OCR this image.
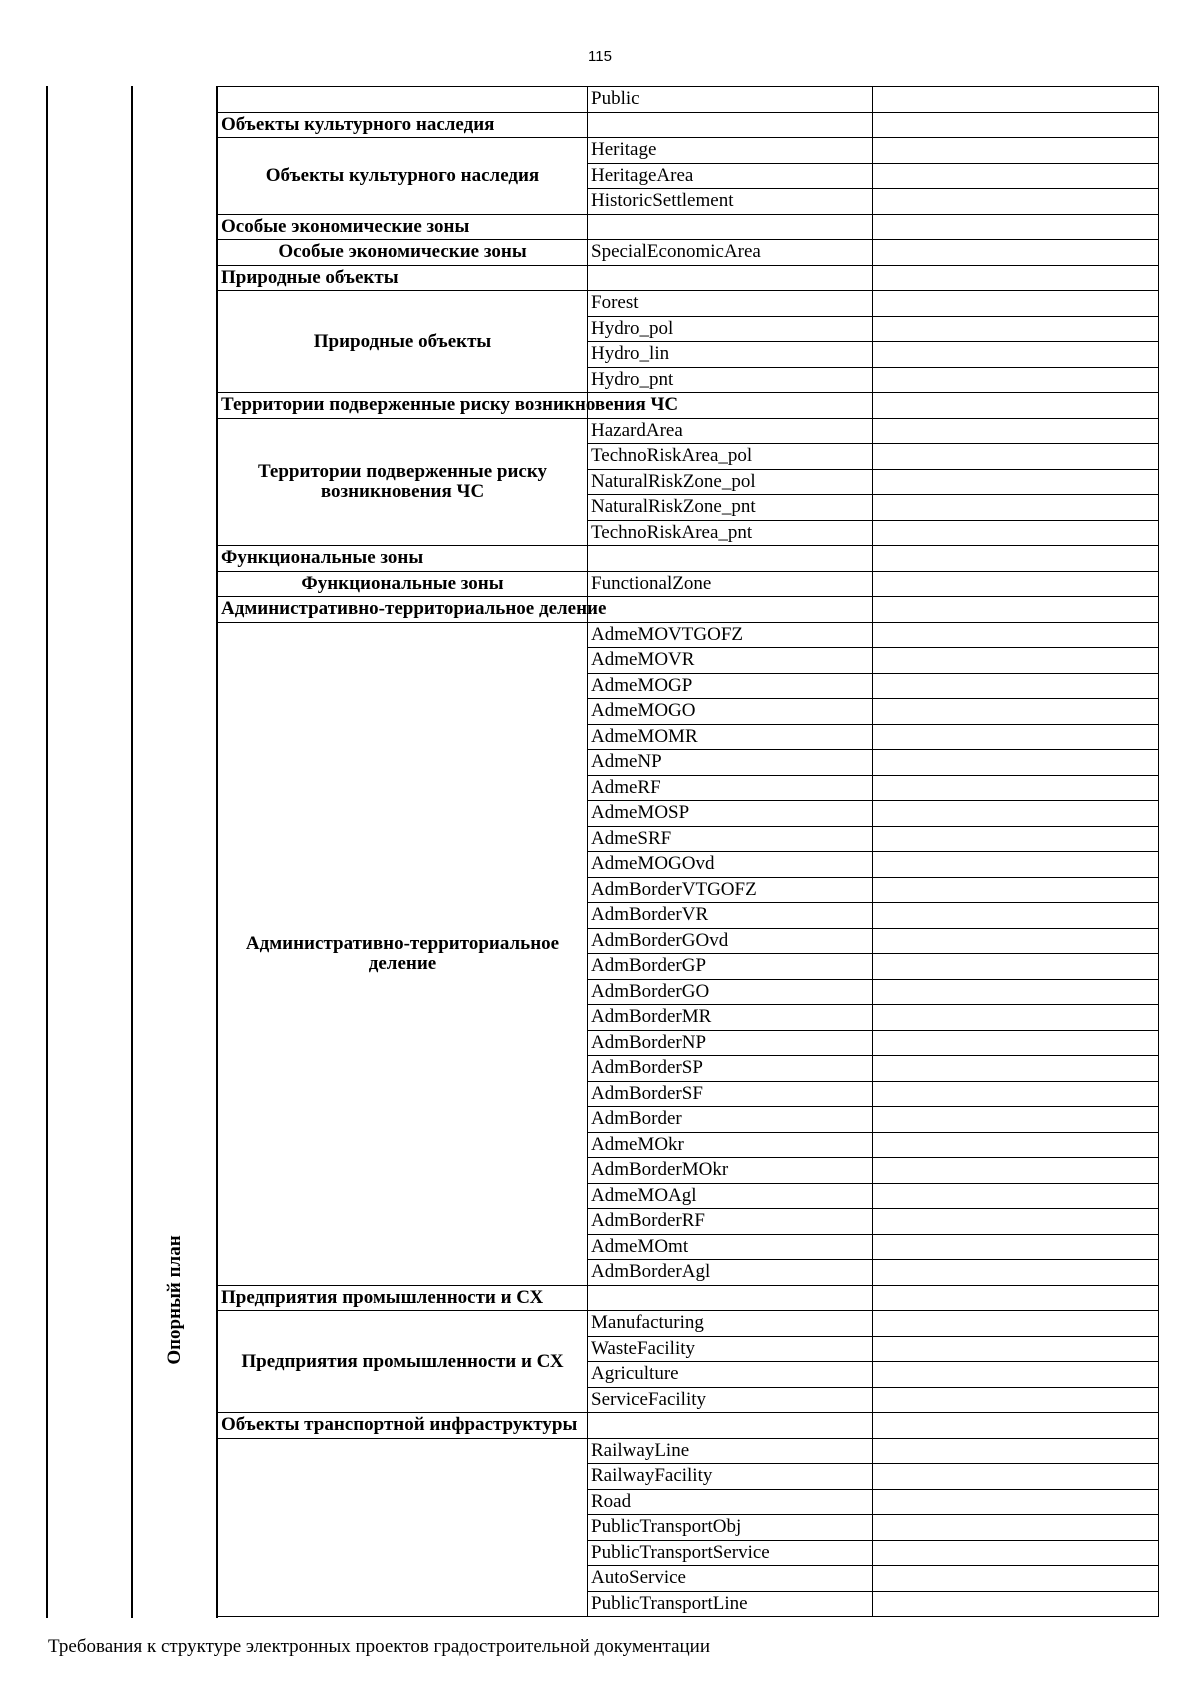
115
Опорный план
	Public	
Объекты культурного наследия		
Объекты культурного наследия	Heritage	
	HeritageArea	
	HistoricSettlement	
Особые экономические зоны		
Особые экономические зоны	SpecialEconomicArea	
Природные объекты		
Природные объекты	Forest	
	Hydro_pol	
	Hydro_lin	
	Hydro_pnt	
Территории подверженные риску возникновения ЧС		
Территории подверженные риску возникновения ЧС	HazardArea	
	TechnoRiskArea_pol	
	NaturalRiskZone_pol	
	NaturalRiskZone_pnt	
	TechnoRiskArea_pnt	
Функциональные зоны		
Функциональные зоны	FunctionalZone	
Административно-территориальное деление		
Административно-территориальное деление	AdmeMOVTGOFZ	
	AdmeMOVR	
	AdmeMOGP	
	AdmeMOGO	
	AdmeMOMR	
	AdmeNP	
	AdmeRF	
	AdmeMOSP	
	AdmeSRF	
	AdmeMOGOvd	
	AdmBorderVTGOFZ	
	AdmBorderVR	
	AdmBorderGOvd	
	AdmBorderGP	
	AdmBorderGO	
	AdmBorderMR	
	AdmBorderNP	
	AdmBorderSP	
	AdmBorderSF	
	AdmBorder	
	AdmeMOkr	
	AdmBorderMOkr	
	AdmeMOAgl	
	AdmBorderRF	
	AdmeMOmt	
	AdmBorderAgl	
Предприятия промышленности и СХ		
Предприятия промышленности и СХ	Manufacturing	
	WasteFacility	
	Agriculture	
	ServiceFacility	
Объекты транспортной инфраструктуры		
	RailwayLine	
	RailwayFacility	
	Road	
	PublicTransportObj	
	PublicTransportService	
	AutoService	
	PublicTransportLine	
Требования к структуре электронных проектов градостроительной документации
